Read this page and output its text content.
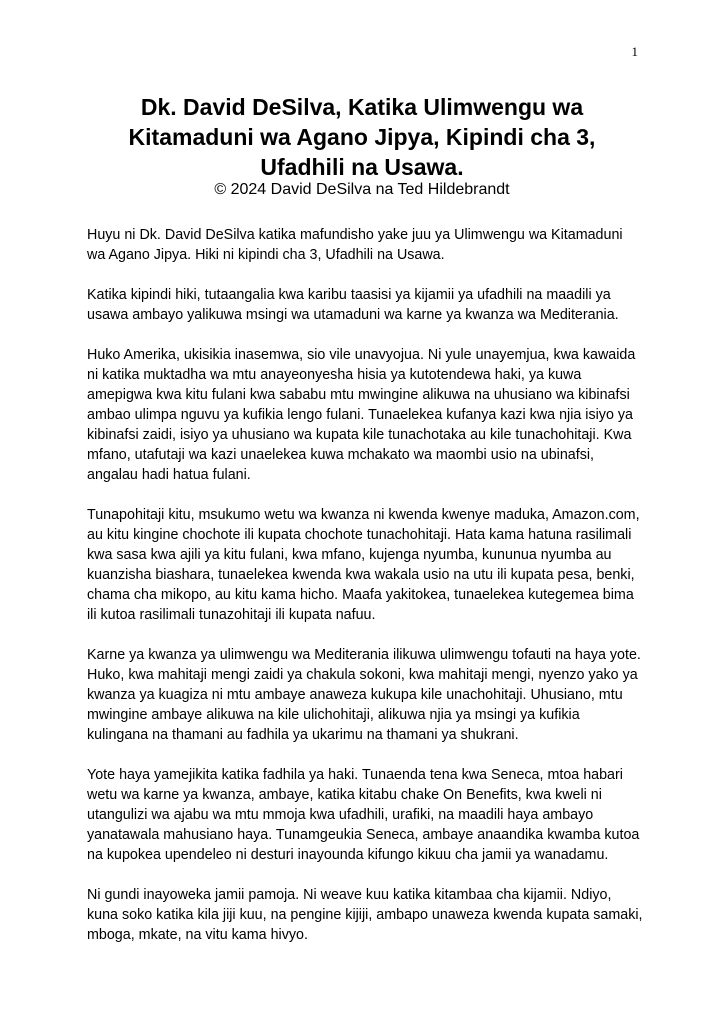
1
Dk. David DeSilva, Katika Ulimwengu wa Kitamaduni wa Agano Jipya, Kipindi cha 3, Ufadhili na Usawa.
© 2024 David DeSilva na Ted Hildebrandt

Huyu ni Dk. David DeSilva katika mafundisho yake juu ya Ulimwengu wa Kitamaduni wa Agano Jipya. Hiki ni kipindi cha 3, Ufadhili na Usawa.

Katika kipindi hiki, tutaangalia kwa karibu taasisi ya kijamii ya ufadhili na maadili ya usawa ambayo yalikuwa msingi wa utamaduni wa karne ya kwanza wa Mediterania.

Huko Amerika, ukisikia inasemwa, sio vile unavyojua. Ni yule unayemjua, kwa kawaida ni katika muktadha wa mtu anayeonyesha hisia ya kutotendewa haki, ya kuwa amepigwa kwa kitu fulani kwa sababu mtu mwingine alikuwa na uhusiano wa kibinafsi ambao ulimpa nguvu ya kufikia lengo fulani. Tunaelekea kufanya kazi kwa njia isiyo ya kibinafsi zaidi, isiyo ya uhusiano wa kupata kile tunachotaka au kile tunachohitaji. Kwa mfano, utafutaji wa kazi unaelekea kuwa mchakato wa maombi usio na ubinafsi, angalau hadi hatua fulani.

Tunapohitaji kitu, msukumo wetu wa kwanza ni kwenda kwenye maduka, Amazon.com, au kitu kingine chochote ili kupata chochote tunachohitaji. Hata kama hatuna rasilimali kwa sasa kwa ajili ya kitu fulani, kwa mfano, kujenga nyumba, kununua nyumba au kuanzisha biashara, tunaelekea kwenda kwa wakala usio na utu ili kupata pesa, benki, chama cha mikopo, au kitu kama hicho. Maafa yakitokea, tunaelekea kutegemea bima ili kutoa rasilimali tunazohitaji ili kupata nafuu.

Karne ya kwanza ya ulimwengu wa Mediterania ilikuwa ulimwengu tofauti na haya yote. Huko, kwa mahitaji mengi zaidi ya chakula sokoni, kwa mahitaji mengi, nyenzo yako ya kwanza ya kuagiza ni mtu ambaye anaweza kukupa kile unachohitaji. Uhusiano, mtu mwingine ambaye alikuwa na kile ulichohitaji, alikuwa njia ya msingi ya kufikia kulingana na thamani au fadhila ya ukarimu na thamani ya shukrani.

Yote haya yamejikita katika fadhila ya haki. Tunaenda tena kwa Seneca, mtoa habari wetu wa karne ya kwanza, ambaye, katika kitabu chake On Benefits, kwa kweli ni utangulizi wa ajabu wa mtu mmoja kwa ufadhili, urafiki, na maadili haya ambayo yanatawala mahusiano haya. Tunamgeukia Seneca, ambaye anaandika kwamba kutoa na kupokea upendeleo ni desturi inayounda kifungo kikuu cha jamii ya wanadamu.

Ni gundi inayoweka jamii pamoja. Ni weave kuu katika kitambaa cha kijamii. Ndiyo, kuna soko katika kila jiji kuu, na pengine kijiji, ambapo unaweza kwenda kupata samaki, mboga, mkate, na vitu kama hivyo.
